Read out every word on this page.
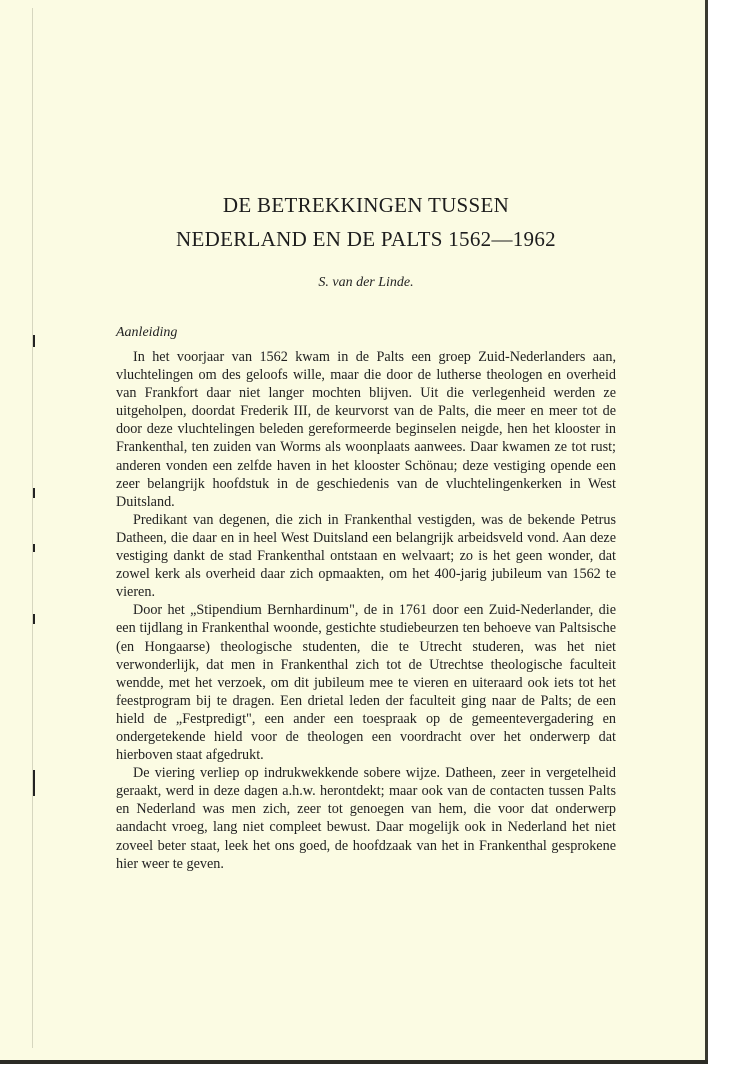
DE BETREKKINGEN TUSSEN
NEDERLAND EN DE PALTS 1562—1962
S. van der Linde.
Aanleiding

In het voorjaar van 1562 kwam in de Palts een groep Zuid-Nederlanders aan, vluchtelingen om des geloofs wille, maar die door de lutherse theologen en overheid van Frankfort daar niet langer mochten blijven. Uit die verlegenheid werden ze uitgeholpen, doordat Frederik III, de keurvorst van de Palts, die meer en meer tot de door deze vluchtelingen beleden gereformeerde beginselen neigde, hen het klooster in Frankenthal, ten zuiden van Worms als woonplaats aanwees. Daar kwamen ze tot rust; anderen vonden een zelfde haven in het klooster Schönau; deze vestiging opende een zeer belangrijk hoofdstuk in de geschiedenis van de vluchtelingenkerken in West Duitsland.

Predikant van degenen, die zich in Frankenthal vestigden, was de bekende Petrus Datheen, die daar en in heel West Duitsland een belangrijk arbeidsveld vond. Aan deze vestiging dankt de stad Frankenthal ontstaan en welvaart; zo is het geen wonder, dat zowel kerk als overheid daar zich opmaakten, om het 400-jarig jubileum van 1562 te vieren.

Door het „Stipendium Bernhardinum", de in 1761 door een Zuid-Nederlander, die een tijdlang in Frankenthal woonde, gestichte studiebeurzen ten behoeve van Paltsische (en Hongaarse) theologische studenten, die te Utrecht studeren, was het niet verwonderlijk, dat men in Frankenthal zich tot de Utrechtse theologische faculteit wendde, met het verzoek, om dit jubileum mee te vieren en uiteraard ook iets tot het feestprogram bij te dragen. Een drietal leden der faculteit ging naar de Palts; de een hield de „Festpredigt", een ander een toespraak op de gemeentevergadering en ondergetekende hield voor de theologen een voordracht over het onderwerp dat hierboven staat afgedrukt.

De viering verliep op indrukwekkende sobere wijze. Datheen, zeer in vergetelheid geraakt, werd in deze dagen a.h.w. herontdekt; maar ook van de contacten tussen Palts en Nederland was men zich, zeer tot genoegen van hem, die voor dat onderwerp aandacht vroeg, lang niet compleet bewust. Daar mogelijk ook in Nederland het niet zoveel beter staat, leek het ons goed, de hoofdzaak van het in Frankenthal gesprokene hier weer te geven.
